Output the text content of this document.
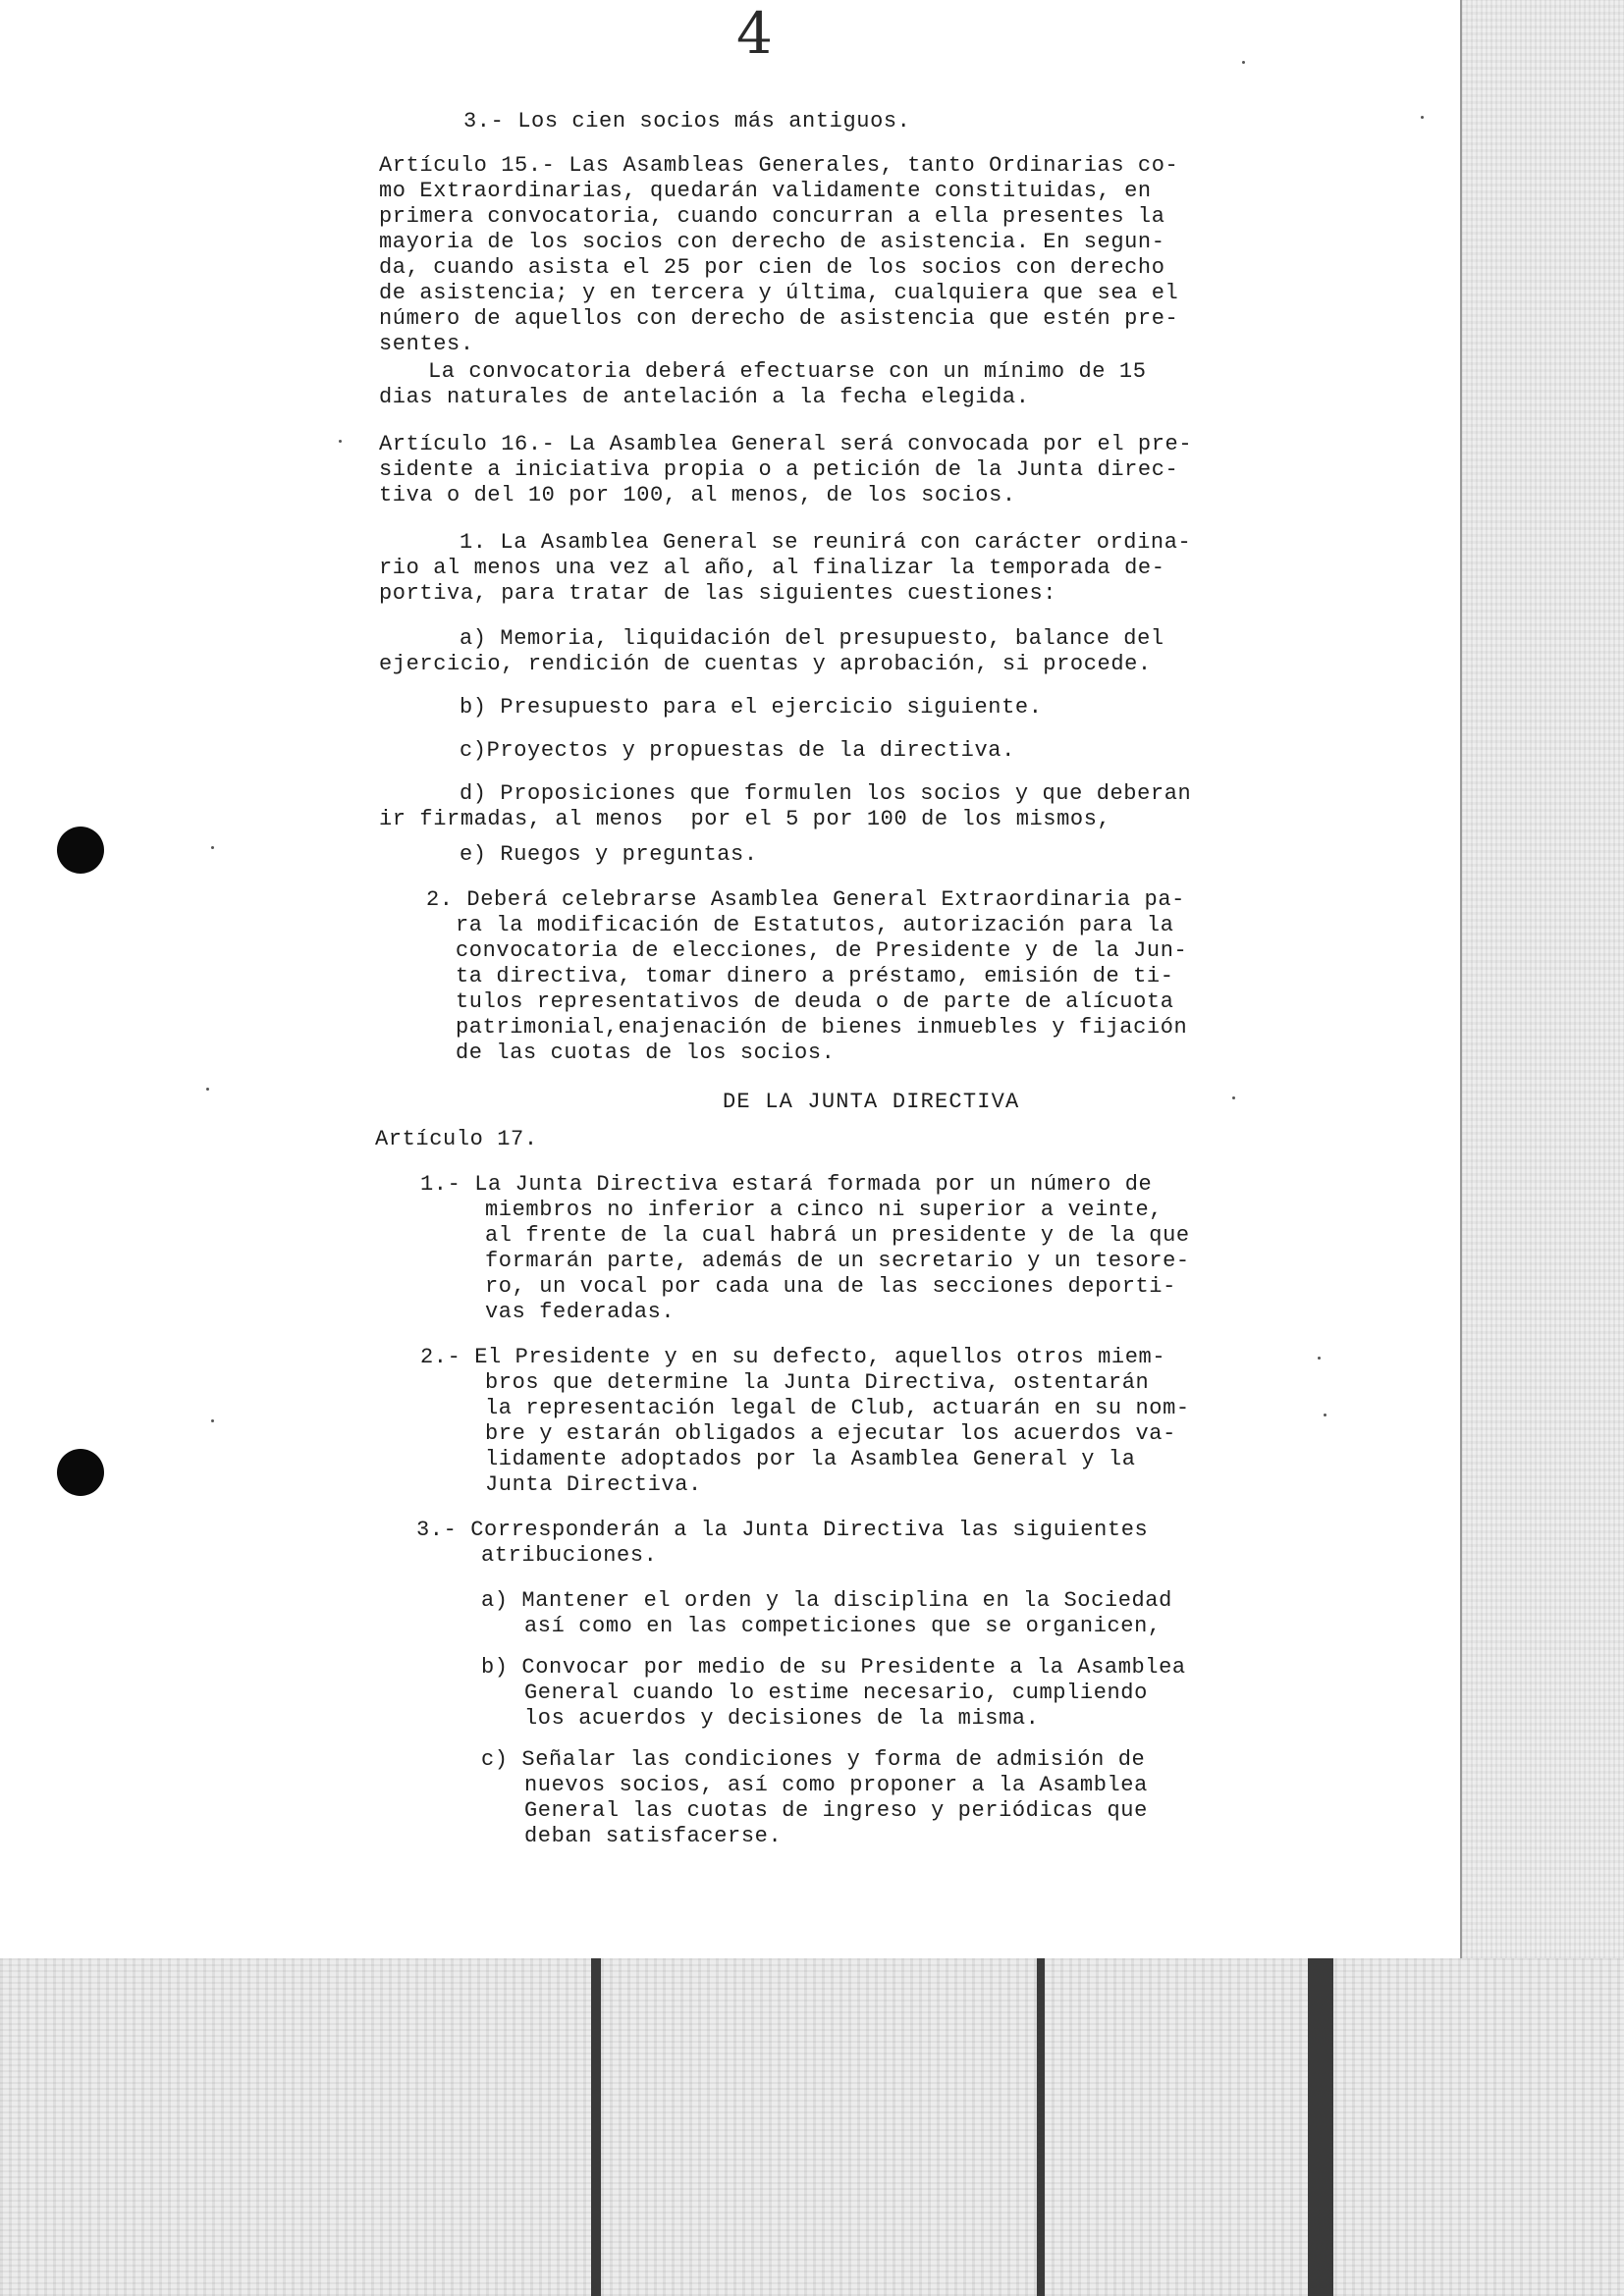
4
3.- Los cien socios más antiguos.
Artículo 15.- Las Asambleas Generales, tanto Ordinarias co-
mo Extraordinarias, quedarán validamente constituidas, en
primera convocatoria, cuando concurran a ella presentes la
mayoria de los socios con derecho de asistencia. En segun-
da, cuando asista el 25 por cien de los socios con derecho
de asistencia; y en tercera y última, cualquiera que sea el
número de aquellos con derecho de asistencia que estén pre-
sentes.
La convocatoria deberá efectuarse con un mínimo de 15
dias naturales de antelación a la fecha elegida.
Artículo 16.- La Asamblea General será convocada por el pre-
sidente a iniciativa propia o a petición de la Junta direc-
tiva o del 10 por 100, al menos, de los socios.
1. La Asamblea General se reunirá con carácter ordina-
rio al menos una vez al año, al finalizar la temporada de-
portiva, para tratar de las siguientes cuestiones:
a) Memoria, liquidación del presupuesto, balance del
ejercicio, rendición de cuentas y aprobación, si procede.
b) Presupuesto para el ejercicio siguiente.
c)Proyectos y propuestas de la directiva.
d) Proposiciones que formulen los socios y que deberan
ir firmadas, al menos  por el 5 por 100 de los mismos,
e) Ruegos y preguntas.
2. Deberá celebrarse Asamblea General Extraordinaria pa-
ra la modificación de Estatutos, autorización para la
convocatoria de elecciones, de Presidente y de la Jun-
ta directiva, tomar dinero a préstamo, emisión de ti-
tulos representativos de deuda o de parte de alícuota
patrimonial,enajenación de bienes inmuebles y fijación
de las cuotas de los socios.
DE LA JUNTA DIRECTIVA
Artículo 17.
1.- La Junta Directiva estará formada por un número de
miembros no inferior a cinco ni superior a veinte,
al frente de la cual habrá un presidente y de la que
formarán parte, además de un secretario y un tesore-
ro, un vocal por cada una de las secciones deporti-
vas federadas.
2.- El Presidente y en su defecto, aquellos otros miem-
bros que determine la Junta Directiva, ostentarán
la representación legal de Club, actuarán en su nom-
bre y estarán obligados a ejecutar los acuerdos va-
lidamente adoptados por la Asamblea General y la
Junta Directiva.
3.- Corresponderán a la Junta Directiva las siguientes
atribuciones.
a) Mantener el orden y la disciplina en la Sociedad
así como en las competiciones que se organicen,
b) Convocar por medio de su Presidente a la Asamblea
General cuando lo estime necesario, cumpliendo
los acuerdos y decisiones de la misma.
c) Señalar las condiciones y forma de admisión de
nuevos socios, así como proponer a la Asamblea
General las cuotas de ingreso y periódicas que
deban satisfacerse.
